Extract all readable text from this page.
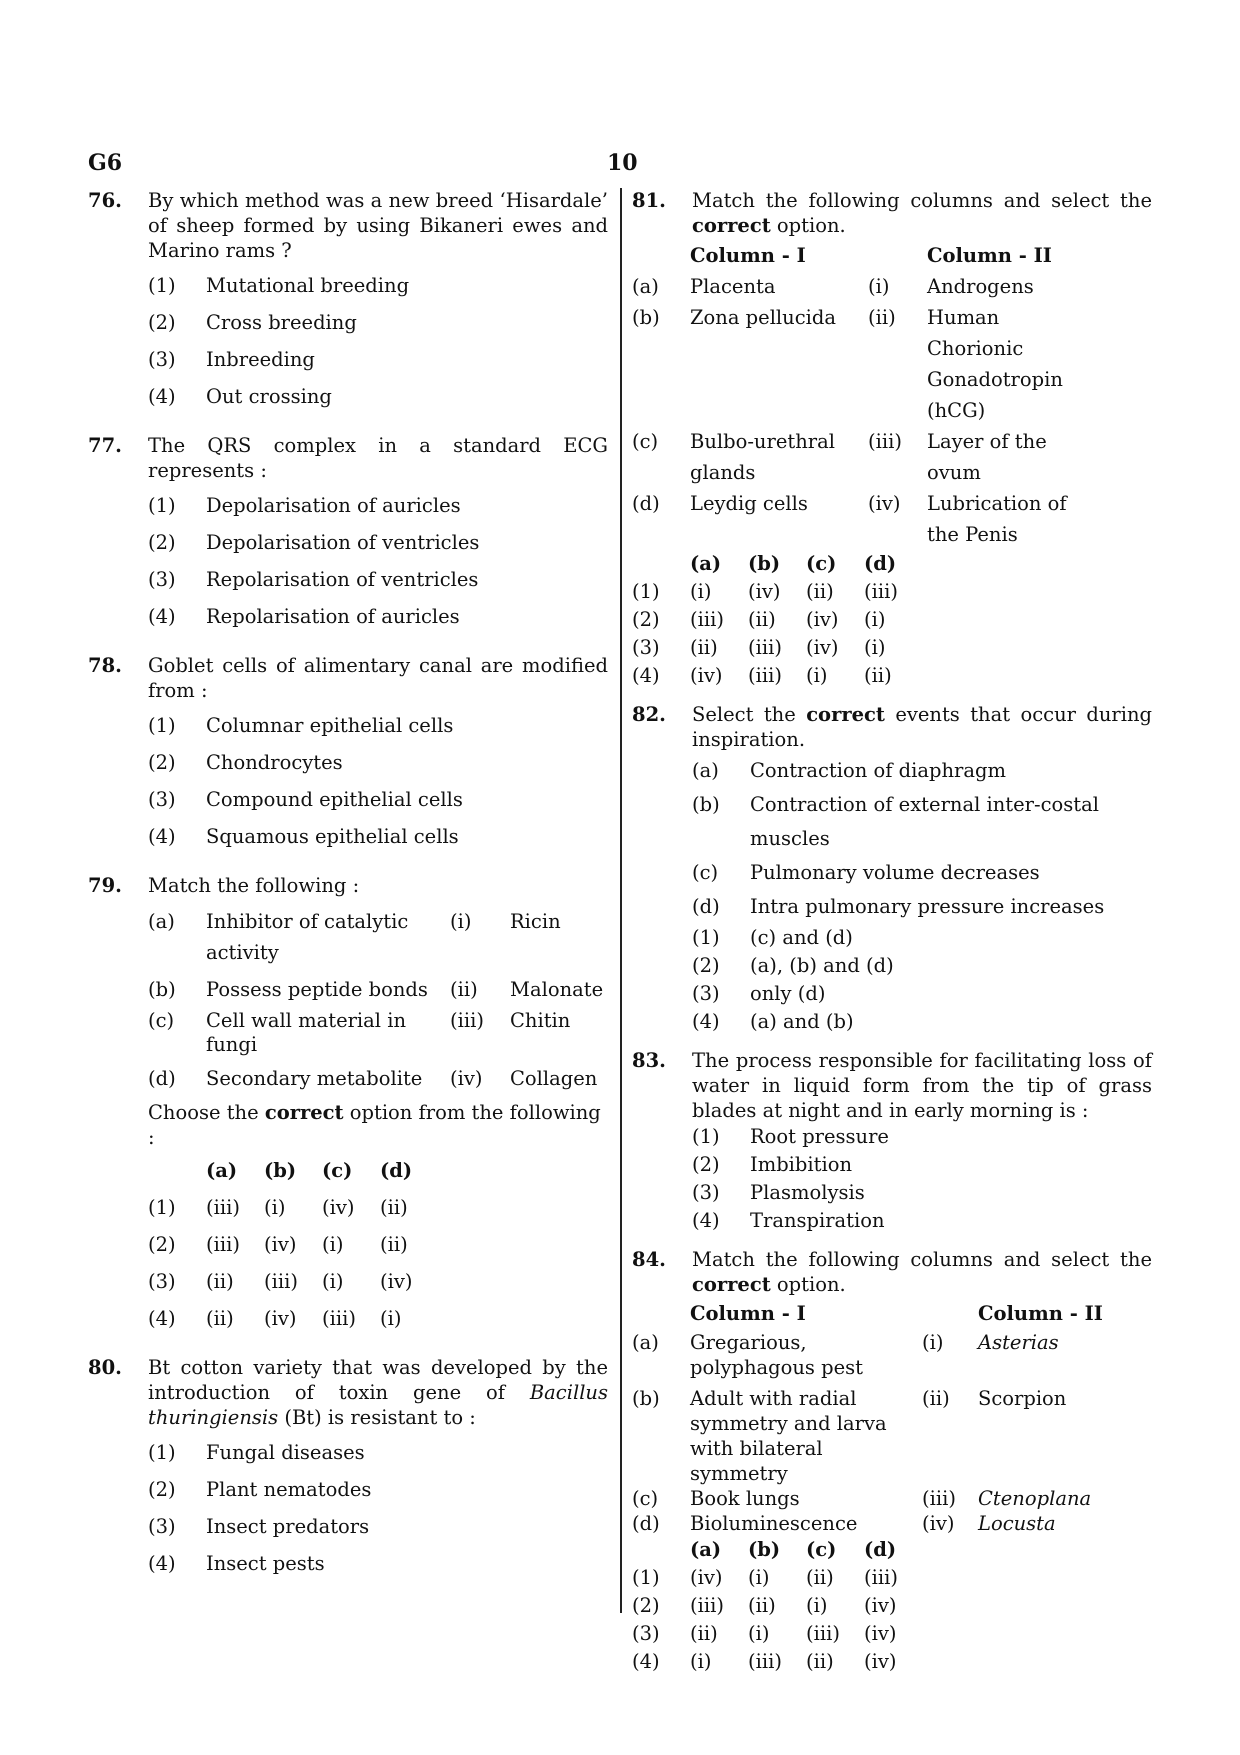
G6	10
76. By which method was a new breed ‘Hisardale’ of sheep formed by using Bikaneri ewes and Marino rams ?
(1) Mutational breeding
(2) Cross breeding
(3) Inbreeding
(4) Out crossing
77. The QRS complex in a standard ECG represents :
(1) Depolarisation of auricles
(2) Depolarisation of ventricles
(3) Repolarisation of ventricles
(4) Repolarisation of auricles
78. Goblet cells of alimentary canal are modified from :
(1) Columnar epithelial cells
(2) Chondrocytes
(3) Compound epithelial cells
(4) Squamous epithelial cells
79. Match the following :
(a)	Inhibitor of catalytic activity	(i)	Ricin
(b)	Possess peptide bonds	(ii)	Malonate
(c)	Cell wall material in fungi	(iii)	Chitin
(d)	Secondary metabolite	(iv)	Collagen
Choose the correct option from the following :
	(a)	(b)	(c)	(d)
(1)	(iii)	(i)	(iv)	(ii)
(2)	(iii)	(iv)	(i)	(ii)
(3)	(ii)	(iii)	(i)	(iv)
(4)	(ii)	(iv)	(iii)	(i)
80. Bt cotton variety that was developed by the introduction of toxin gene of Bacillus thuringiensis (Bt) is resistant to :
(1) Fungal diseases
(2) Plant nematodes
(3) Insect predators
(4) Insect pests
81. Match the following columns and select the correct option.
	Column - I		Column - II
(a)	Placenta	(i)	Androgens
(b)	Zona pellucida	(ii)	Human Chorionic Gonadotropin (hCG)
(c)	Bulbo-urethral glands	(iii)	Layer of the ovum
(d)	Leydig cells	(iv)	Lubrication of the Penis
	(a)	(b)	(c)	(d)
(1)	(i)	(iv)	(ii)	(iii)
(2)	(iii)	(ii)	(iv)	(i)
(3)	(ii)	(iii)	(iv)	(i)
(4)	(iv)	(iii)	(i)	(ii)
82. Select the correct events that occur during inspiration.
(a) Contraction of diaphragm
(b) Contraction of external inter-costal muscles
(c) Pulmonary volume decreases
(d) Intra pulmonary pressure increases
(1) (c) and (d)
(2) (a), (b) and (d)
(3) only (d)
(4) (a) and (b)
83. The process responsible for facilitating loss of water in liquid form from the tip of grass blades at night and in early morning is :
(1) Root pressure
(2) Imbibition
(3) Plasmolysis
(4) Transpiration
84. Match the following columns and select the correct option.
	Column - I		Column - II
(a)	Gregarious, polyphagous pest	(i)	Asterias
(b)	Adult with radial symmetry and larva with bilateral symmetry	(ii)	Scorpion
(c)	Book lungs	(iii)	Ctenoplana
(d)	Bioluminescence	(iv)	Locusta
	(a)	(b)	(c)	(d)
(1)	(iv)	(i)	(ii)	(iii)
(2)	(iii)	(ii)	(i)	(iv)
(3)	(ii)	(i)	(iii)	(iv)
(4)	(i)	(iii)	(ii)	(iv)
